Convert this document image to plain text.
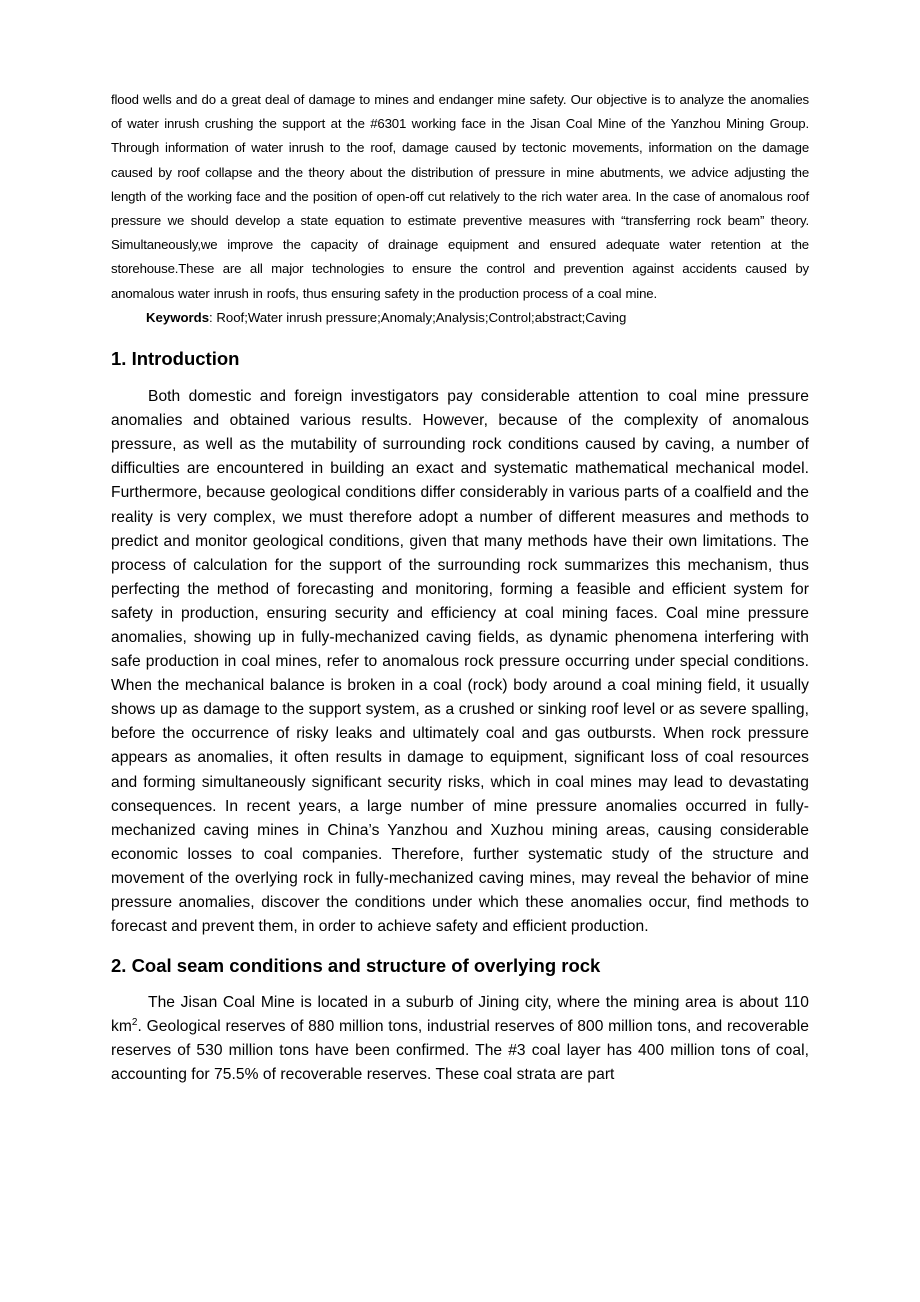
flood wells and do a great deal of damage to mines and endanger mine safety. Our objective is to analyze the anomalies of water inrush crushing the support at the #6301 working face in the Jisan Coal Mine of the Yanzhou Mining Group. Through information of water inrush to the roof, damage caused by tectonic movements, information on the damage caused by roof collapse and the theory about the distribution of pressure in mine abutments, we advice adjusting the length of the working face and the position of open-off cut relatively to the rich water area. In the case of anomalous roof pressure we should develop a state equation to estimate preventive measures with “transferring rock beam” theory. Simultaneously,we improve the capacity of drainage equipment and ensured adequate water retention at the storehouse.These are all major technologies to ensure the control and prevention against accidents caused by anomalous water inrush in roofs, thus ensuring safety in the production process of a coal mine.

Keywords: Roof;Water inrush pressure;Anomaly;Analysis;Control;abstract;Caving

1. Introduction

Both domestic and foreign investigators pay considerable attention to coal mine pressure anomalies and obtained various results. However, because of the complexity of anomalous pressure, as well as the mutability of surrounding rock conditions caused by caving, a number of difficulties are encountered in building an exact and systematic mathematical mechanical model. Furthermore, because geological conditions differ considerably in various parts of a coalfield and the reality is very complex, we must therefore adopt a number of different measures and methods to predict and monitor geological conditions, given that many methods have their own limitations. The process of calculation for the support of the surrounding rock summarizes this mechanism, thus perfecting the method of forecasting and monitoring, forming a feasible and efficient system for safety in production, ensuring security and efficiency at coal mining faces. Coal mine pressure anomalies, showing up in fully-mechanized caving fields, as dynamic phenomena interfering with safe production in coal mines, refer to anomalous rock pressure occurring under special conditions. When the mechanical balance is broken in a coal (rock) body around a coal mining field, it usually shows up as damage to the support system, as a crushed or sinking roof level or as severe spalling, before the occurrence of risky leaks and ultimately coal and gas outbursts. When rock pressure appears as anomalies, it often results in damage to equipment, significant loss of coal resources and forming simultaneously significant security risks, which in coal mines may lead to devastating consequences. In recent years, a large number of mine pressure anomalies occurred in fully-mechanized caving mines in China’s Yanzhou and Xuzhou mining areas, causing considerable economic losses to coal companies. Therefore, further systematic study of the structure and movement of the overlying rock in fully-mechanized caving mines, may reveal the behavior of mine pressure anomalies, discover the conditions under which these anomalies occur, find methods to forecast and prevent them, in order to achieve safety and efficient production.

2. Coal seam conditions and structure of overlying rock

The Jisan Coal Mine is located in a suburb of Jining city, where the mining area is about 110 $km^2$. Geological reserves of 880 million tons, industrial reserves of 800 million tons, and recoverable reserves of 530 million tons have been confirmed. The #3 coal layer has 400 million tons of coal, accounting for 75.5% of recoverable reserves. These coal strata are part
